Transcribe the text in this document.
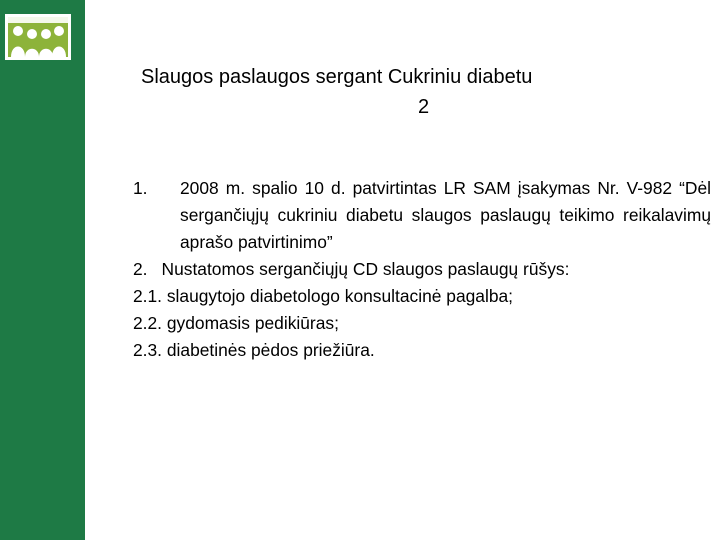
Slaugos paslaugos sergant Cukriniu diabetu
2
1.	2008 m. spalio 10 d. patvirtintas LR SAM įsakymas Nr. V-982 “Dėl sergančiųjų cukriniu diabetu slaugos paslaugų teikimo reikalavimų aprašo patvirtinimo”
2. Nustatomos sergančiųjų CD slaugos paslaugų rūšys:
2.1. slaugytojo diabetologo konsultacinė pagalba;
2.2. gydomasis pedikiūras;
2.3. diabetinės pėdos priežiūra.
